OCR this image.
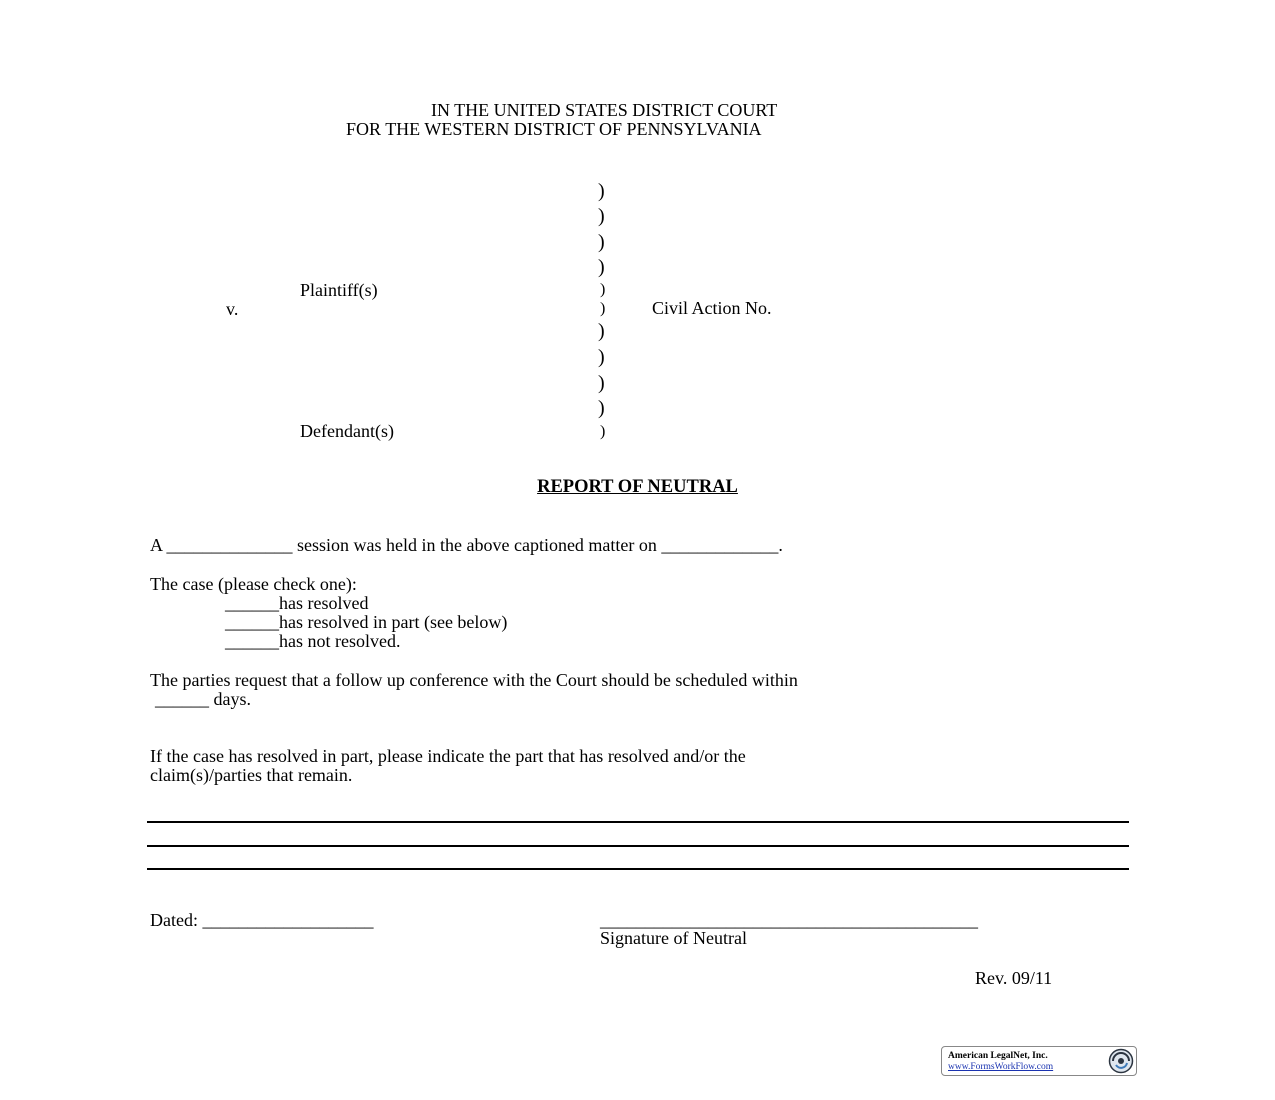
IN THE UNITED STATES DISTRICT COURT
FOR THE WESTERN DISTRICT OF PENNSYLVANIA
)
)
)
)
)
)
)
)
)
)
)
Plaintiff(s)
v.	Civil Action No.
Defendant(s)
REPORT OF NEUTRAL
A ______________ session was held in the above captioned matter on _____________.
The case (please check one):
______has resolved
______has resolved in part (see below)
______has not resolved.
The parties request that a follow up conference with the Court should be scheduled within
______ days.
If the case has resolved in part, please indicate the part that has resolved and/or the
claim(s)/parties that remain.
Dated: ___________________	__________________________________________
Signature of Neutral
Rev. 09/11
American LegalNet, Inc.
www.FormsWorkFlow.com
